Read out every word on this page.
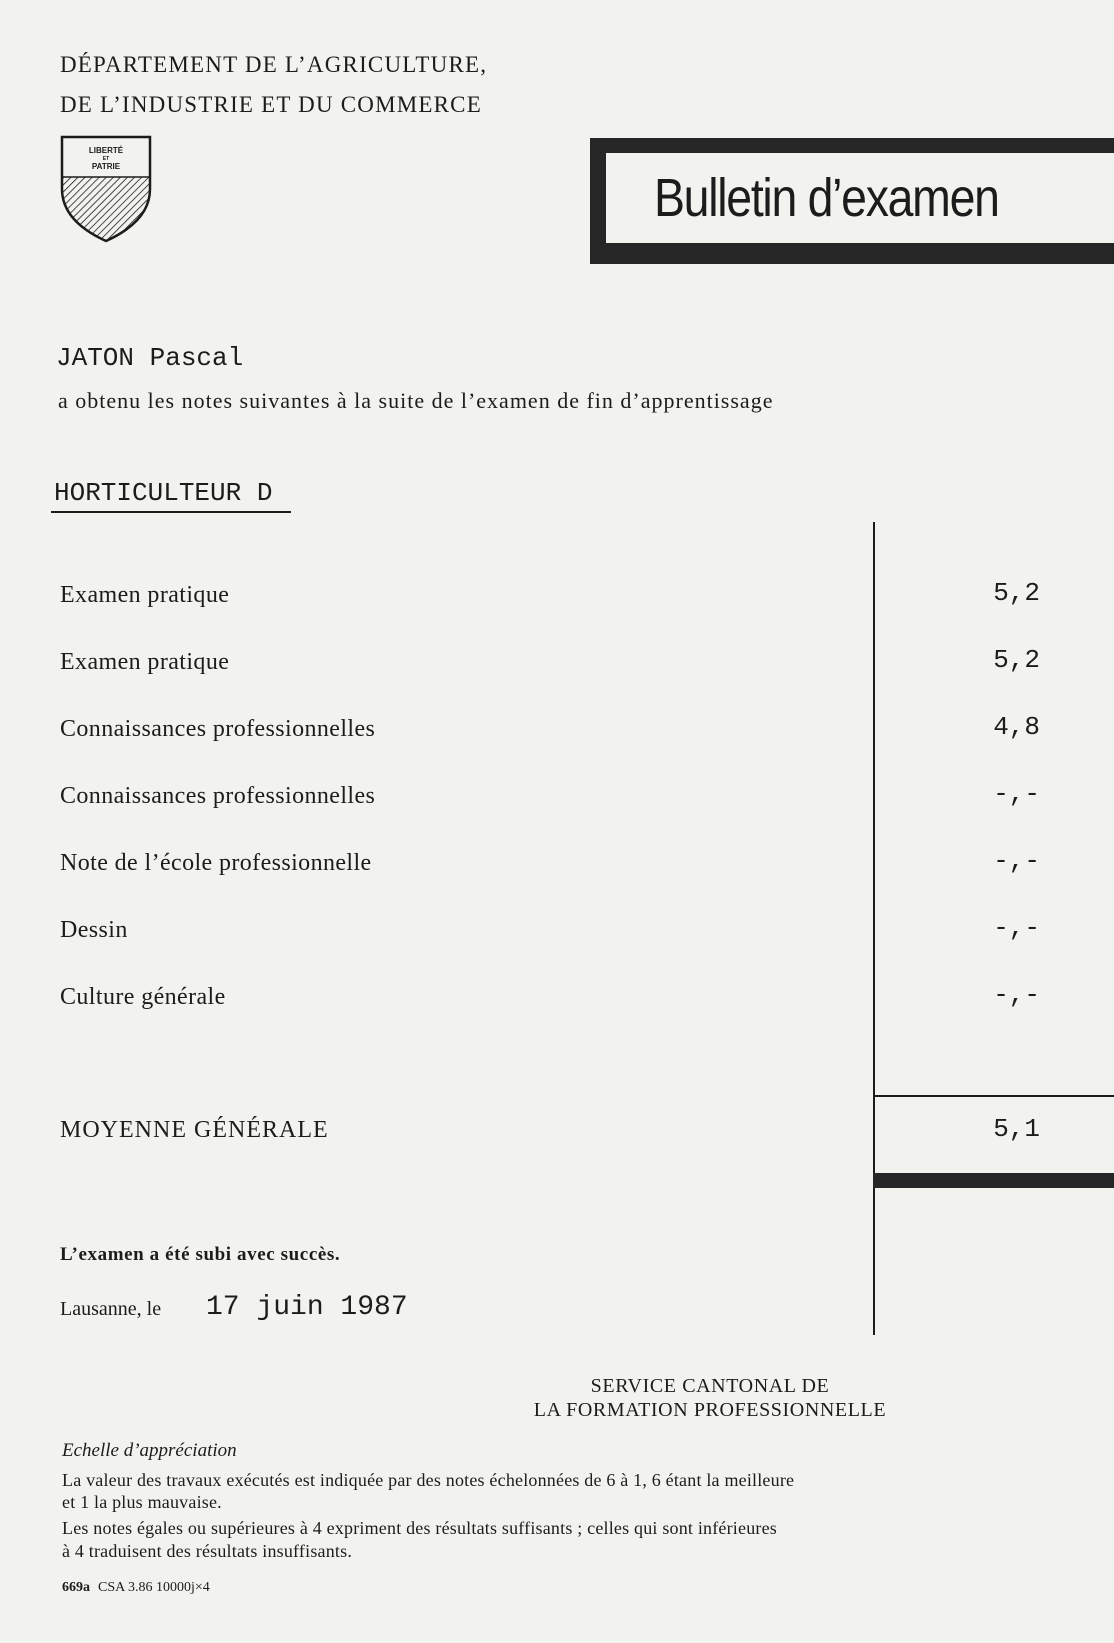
DÉPARTEMENT DE L’AGRICULTURE,
DE L’INDUSTRIE ET DU COMMERCE
LIBERTÉ
ET
PATRIE
Bulletin d’examen
JATON Pascal
a obtenu les notes suivantes à la suite de l’examen de fin d’apprentissage
HORTICULTEUR D
Examen pratique	5,2
Examen pratique	5,2
Connaissances professionnelles	4,8
Connaissances professionnelles	-,-
Note de l’école professionnelle	-,-
Dessin	-,-
Culture générale	-,-
MOYENNE GÉNÉRALE	5,1
L’examen a été subi avec succès.
Lausanne, le 17 juin 1987
SERVICE CANTONAL DE
LA FORMATION PROFESSIONNELLE
Echelle d’appréciation
La valeur des travaux exécutés est indiquée par des notes échelonnées de 6 à 1, 6 étant la meilleure
et 1 la plus mauvaise.
Les notes égales ou supérieures à 4 expriment des résultats suffisants ; celles qui sont inférieures
à 4 traduisent des résultats insuffisants.
669a CSA 3.86 10000j×4
